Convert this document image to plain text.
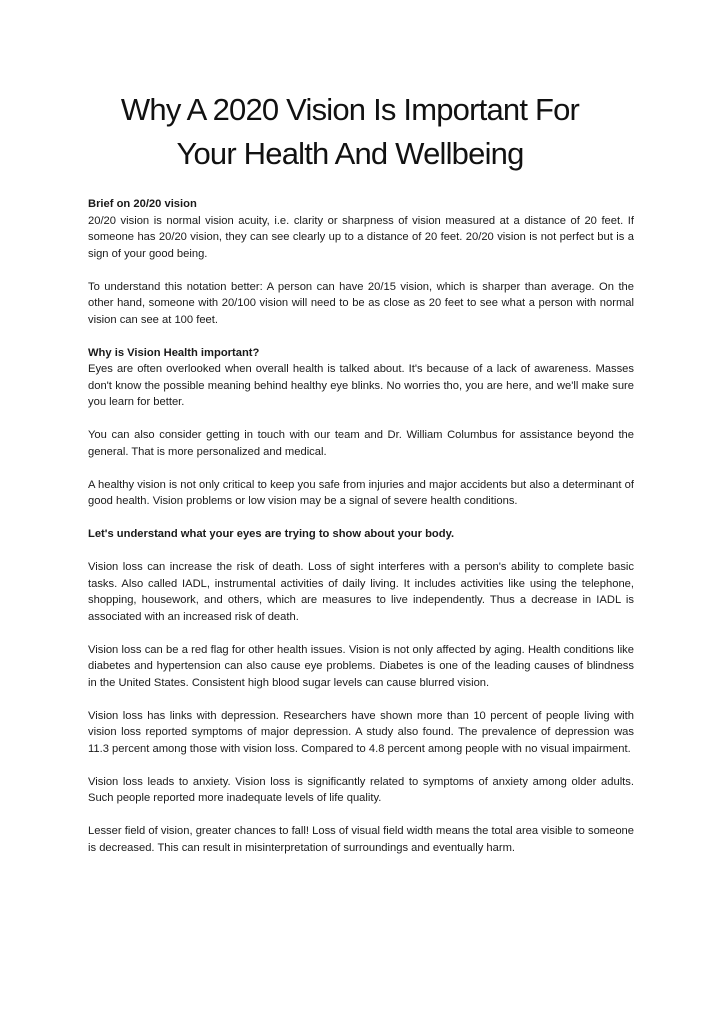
Why A 2020 Vision Is Important For
Your Health And Wellbeing
Brief on 20/20 vision

20/20 vision is normal vision acuity, i.e. clarity or sharpness of vision measured at a distance of 20 feet. If someone has 20/20 vision, they can see clearly up to a distance of 20 feet. 20/20 vision is not perfect but is a sign of your good being.

To understand this notation better: A person can have 20/15 vision, which is sharper than average. On the other hand, someone with 20/100 vision will need to be as close as 20 feet to see what a person with normal vision can see at 100 feet.

Why is Vision Health important?

Eyes are often overlooked when overall health is talked about. It's because of a lack of awareness. Masses don't know the possible meaning behind healthy eye blinks. No worries tho, you are here, and we'll make sure you learn for better.

You can also consider getting in touch with our team and Dr. William Columbus for assistance beyond the general. That is more personalized and medical.

A healthy vision is not only critical to keep you safe from injuries and major accidents but also a determinant of good health. Vision problems or low vision may be a signal of severe health conditions.

Let's understand what your eyes are trying to show about your body.

Vision loss can increase the risk of death. Loss of sight interferes with a person's ability to complete basic tasks. Also called IADL, instrumental activities of daily living. It includes activities like using the telephone, shopping, housework, and others, which are measures to live independently. Thus a decrease in IADL is associated with an increased risk of death.

Vision loss can be a red flag for other health issues. Vision is not only affected by aging. Health conditions like diabetes and hypertension can also cause eye problems. Diabetes is one of the leading causes of blindness in the United States. Consistent high blood sugar levels can cause blurred vision.

Vision loss has links with depression. Researchers have shown more than 10 percent of people living with vision loss reported symptoms of major depression. A study also found. The prevalence of depression was 11.3 percent among those with vision loss. Compared to 4.8 percent among people with no visual impairment.

Vision loss leads to anxiety. Vision loss is significantly related to symptoms of anxiety among older adults. Such people reported more inadequate levels of life quality.

Lesser field of vision, greater chances to fall! Loss of visual field width means the total area visible to someone is decreased. This can result in misinterpretation of surroundings and eventually harm.
